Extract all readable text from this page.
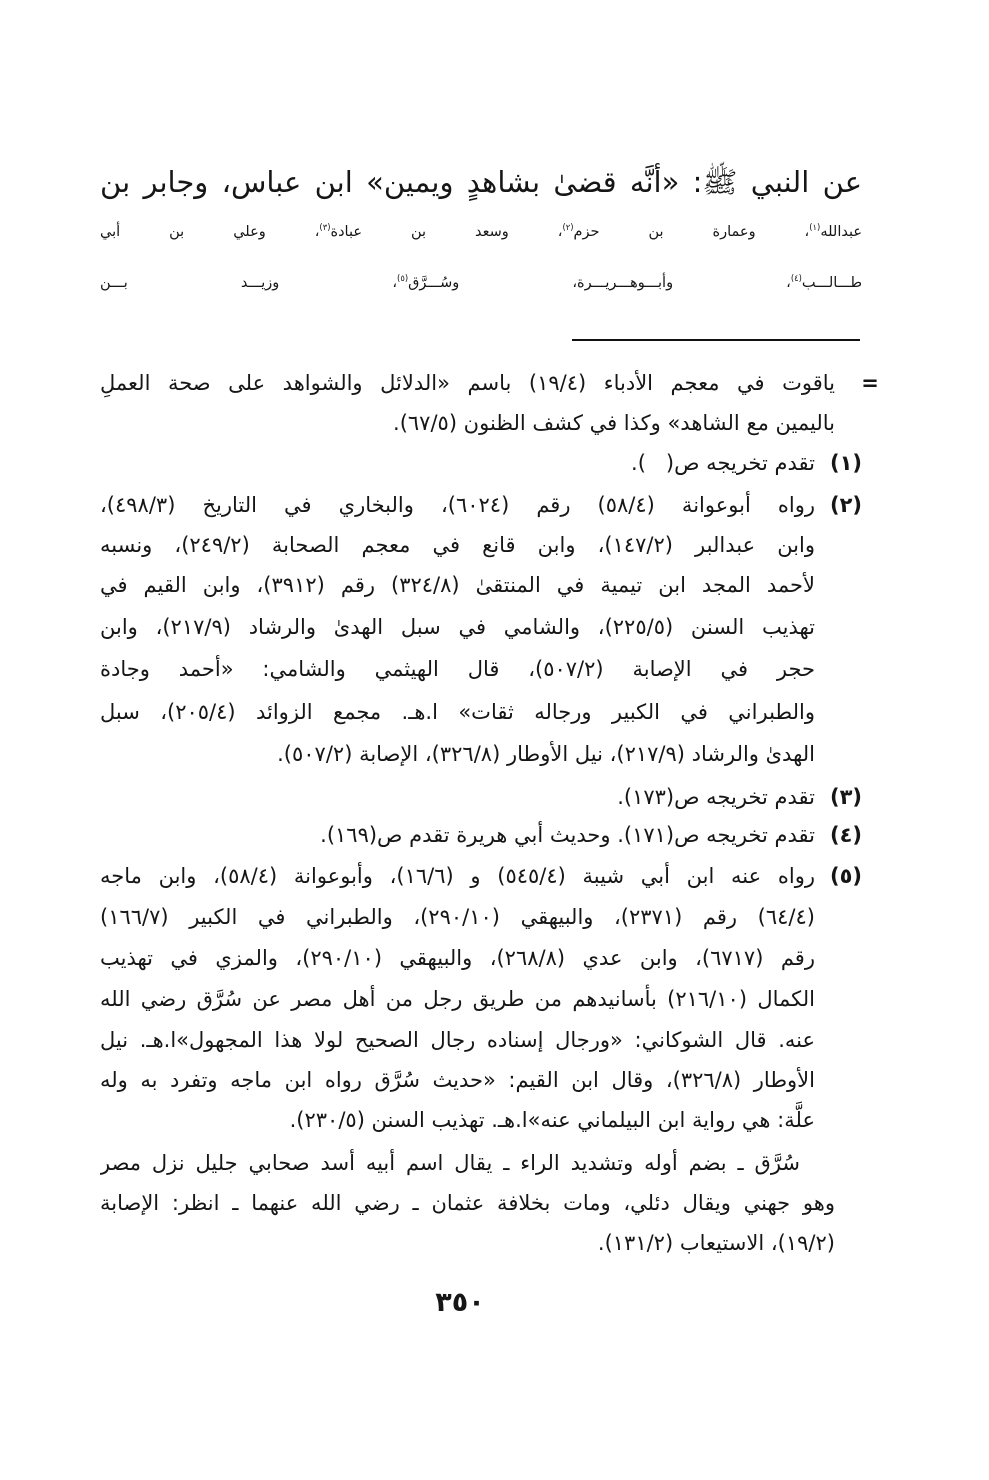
عن النبي ﷺ: «أنَّه قضىٰ بشاهدٍ ويمين» ابن عباس، وجابر بن
عبدالله$^{(١)}$، وعمارة بن حزم$^{(٢)}$، وسعد بن عبادة$^{(٣)}$، وعلي بن أبي
طـــالـــب$^{(٤)}$، وأبـــوهـــريـــرة، وسُـــرَّق$^{(٥)}$، وزيـــد بـــن
=
ياقوت في معجم الأدباء (١٩/٤) باسم «الدلائل والشواهد على صحة العملِ
باليمين مع الشاهد» وكذا في كشف الظنون (٦٧/٥).
(١)
تقدم تخريجه ص(   ).
(٢)
رواه أبوعوانة (٥٨/٤) رقم (٦٠٢٤)، والبخاري في التاريخ (٤٩٨/٣)،
وابن عبدالبر (١٤٧/٢)، وابن قانع في معجم الصحابة (٢٤٩/٢)، ونسبه
لأحمد المجد ابن تيمية في المنتقىٰ (٣٢٤/٨) رقم (٣٩١٢)، وابن القيم في
تهذيب السنن (٢٢٥/٥)، والشامي في سبل الهدىٰ والرشاد (٢١٧/٩)، وابن
حجر في الإصابة (٥٠٧/٢)، قال الهيثمي والشامي: «أحمد وجادة
والطبراني في الكبير ورجاله ثقات» ا.هـ. مجمع الزوائد (٢٠٥/٤)، سبل
الهدىٰ والرشاد (٢١٧/٩)، نيل الأوطار (٣٢٦/٨)، الإصابة (٥٠٧/٢).
(٣)
تقدم تخريجه ص(١٧٣).
(٤)
تقدم تخريجه ص(١٧١). وحديث أبي هريرة تقدم ص(١٦٩).
(٥)
رواه عنه ابن أبي شيبة (٥٤٥/٤) و (١٦/٦)، وأبوعوانة (٥٨/٤)، وابن ماجه
(٦٤/٤) رقم (٢٣٧١)، والبيهقي (٢٩٠/١٠)، والطبراني في الكبير (١٦٦/٧)
رقم (٦٧١٧)، وابن عدي (٢٦٨/٨)، والبيهقي (٢٩٠/١٠)، والمزي في تهذيب
الكمال (٢١٦/١٠) بأسانيدهم من طريق رجل من أهل مصر عن سُرَّق رضي الله
عنه. قال الشوكاني: «ورجال إسناده رجال الصحيح لولا هذا المجهول»ا.هـ. نيل
الأوطار (٣٢٦/٨)، وقال ابن القيم: «حديث سُرَّق رواه ابن ماجه وتفرد به وله
علَّة: هي رواية ابن البيلماني عنه»ا.هـ. تهذيب السنن (٢٣٠/٥).
سُرَّق ـ بضم أوله وتشديد الراء ـ يقال اسم أبيه أسد صحابي جليل نزل مصر
وهو جهني ويقال دئلي، ومات بخلافة عثمان ـ رضي الله عنهما ـ انظر: الإصابة
(١٩/٢)، الاستيعاب (١٣١/٢).
٣٥٠
